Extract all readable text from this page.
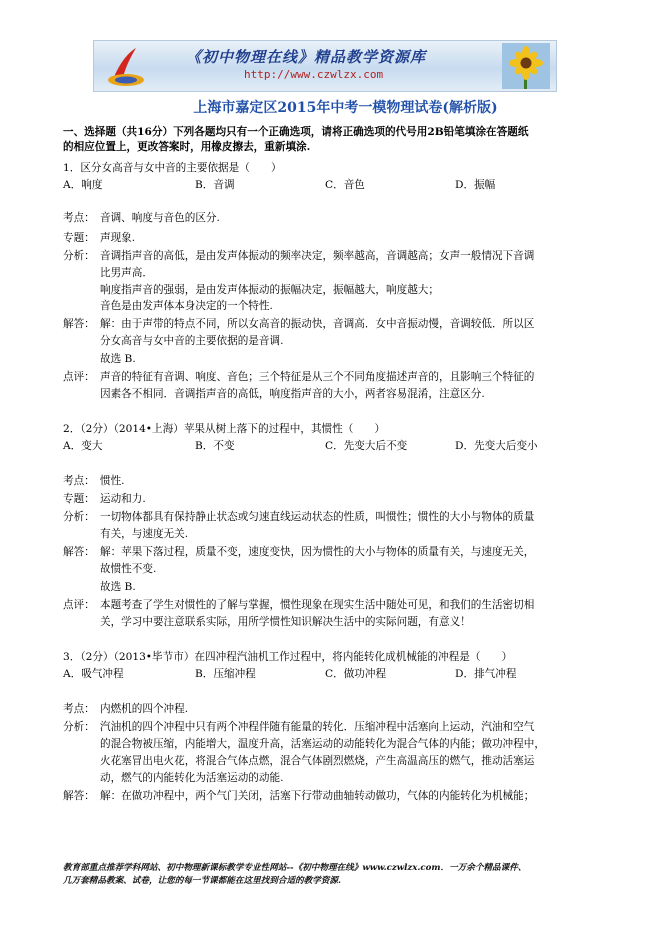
《初中物理在线》精品教学资源库
http://www.czwlzx.com
上海市嘉定区2015年中考一模物理试卷(解析版)
一、选择题（共16分）下列各题均只有一个正确选项，请将正确选项的代号用2B铅笔填涂在答题纸
的相应位置上，更改答案时，用橡皮擦去，重新填涂.
1．区分女高音与女中音的主要依据是（　　）
A．响度	B．音调	C．音色	D．振幅
考点： 音调、响度与音色的区分.
专题： 声现象.
分析： 音调指声音的高低，是由发声体振动的频率决定，频率越高，音调越高；女声一般情况下音调
比男声高．
响度指声音的强弱，是由发声体振动的振幅决定，振幅越大，响度越大；
音色是由发声体本身决定的一个特性.
解答： 解：由于声带的特点不同，所以女高音的振动快，音调高．女中音振动慢，音调较低．所以区
分女高音与女中音的主要依据的是音调.
故选 B.
点评： 声音的特征有音调、响度、音色；三个特征是从三个不同角度描述声音的，且影响三个特征的
因素各不相同．音调指声音的高低，响度指声音的大小，两者容易混淆，注意区分.
2．（2分）（2014•上海）苹果从树上落下的过程中，其惯性（　　）
A．变大	B．不变	C．先变大后不变	D．先变大后变小
考点： 惯性.
专题： 运动和力.
分析： 一切物体都具有保持静止状态或匀速直线运动状态的性质，叫惯性；惯性的大小与物体的质量
有关，与速度无关.
解答： 解：苹果下落过程，质量不变，速度变快，因为惯性的大小与物体的质量有关，与速度无关，
故惯性不变.
故选 B.
点评： 本题考查了学生对惯性的了解与掌握，惯性现象在现实生活中随处可见，和我们的生活密切相
关，学习中要注意联系实际，用所学惯性知识解决生活中的实际问题，有意义！
3．（2分）（2013•毕节市）在四冲程汽油机工作过程中，将内能转化成机械能的冲程是（　　）
A．吸气冲程	B．压缩冲程	C．做功冲程	D．排气冲程
考点： 内燃机的四个冲程.
分析： 汽油机的四个冲程中只有两个冲程伴随有能量的转化．压缩冲程中活塞向上运动，汽油和空气
的混合物被压缩，内能增大，温度升高，活塞运动的动能转化为混合气体的内能；做功冲程中，
火花塞冒出电火花，将混合气体点燃，混合气体剧烈燃烧，产生高温高压的燃气，推动活塞运
动，燃气的内能转化为活塞运动的动能.
解答： 解：在做功冲程中，两个气门关闭，活塞下行带动曲轴转动做功，气体的内能转化为机械能；
教育部重点推荐学科网站、初中物理新课标教学专业性网站--《初中物理在线》www.czwlzx.com．一万余个精品课件、
几万套精品教案、试卷，让您的每一节课都能在这里找到合适的教学资源.
